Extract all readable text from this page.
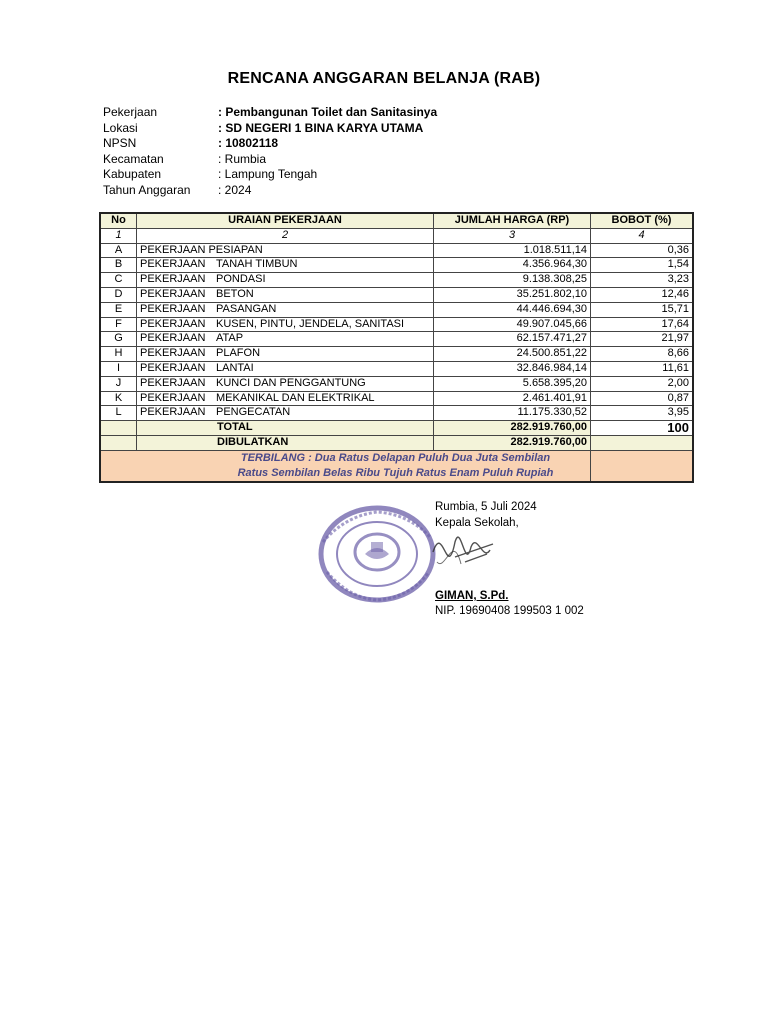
RENCANA ANGGARAN BELANJA (RAB)
Pekerjaan	: Pembangunan Toilet dan Sanitasinya
Lokasi	: SD NEGERI 1 BINA KARYA UTAMA
NPSN	: 10802118
Kecamatan	: Rumbia
Kabupaten	: Lampung Tengah
Tahun Anggaran	: 2024
No	URAIAN PEKERJAAN	JUMLAH HARGA (RP)	BOBOT (%)
1	2	3	4
A	PEKERJAAN PESIAPAN	1.018.511,14	0,36
B	PEKERJAAN TANAH TIMBUN	4.356.964,30	1,54
C	PEKERJAAN PONDASI	9.138.308,25	3,23
D	PEKERJAAN BETON	35.251.802,10	12,46
E	PEKERJAAN PASANGAN	44.446.694,30	15,71
F	PEKERJAAN KUSEN, PINTU, JENDELA, SANITASI	49.907.045,66	17,64
G	PEKERJAAN ATAP	62.157.471,27	21,97
H	PEKERJAAN PLAFON	24.500.851,22	8,66
I	PEKERJAAN LANTAI	32.846.984,14	11,61
J	PEKERJAAN KUNCI DAN PENGGANTUNG	5.658.395,20	2,00
K	PEKERJAAN MEKANIKAL DAN ELEKTRIKAL	2.461.401,91	0,87
L	PEKERJAAN PENGECATAN	11.175.330,52	3,95
	TOTAL	282.919.760,00	100
	DIBULATKAN	282.919.760,00	

TERBILANG : Dua Ratus Delapan Puluh Dua Juta Sembilan
Ratus Sembilan Belas Ribu Tujuh Ratus Enam Puluh Rupiah			

Rumbia, 5 Juli 2024
Kepala Sekolah,
GIMAN, S.Pd.
NIP. 19690408 199503 1 002
